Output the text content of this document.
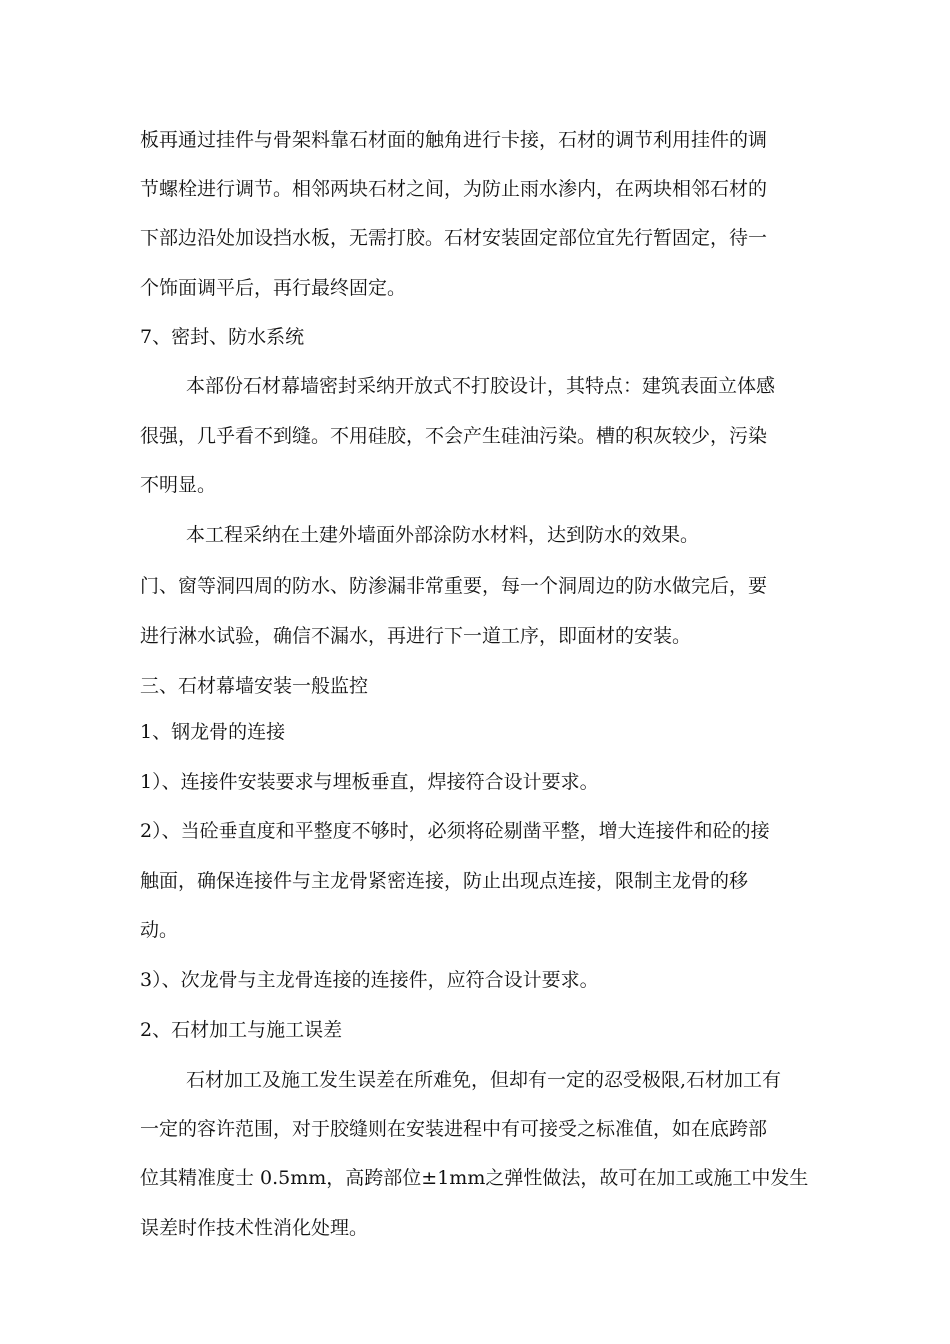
板再通过挂件与骨架料靠石材面的触角进行卡接，石材的调节利用挂件的调
节螺栓进行调节。相邻两块石材之间，为防止雨水渗内，在两块相邻石材的
下部边沿处加设挡水板，无需打胶。石材安装固定部位宜先行暂固定，待一
个饰面调平后，再行最终固定。
7、密封、防水系统
本部份石材幕墙密封采纳开放式不打胶设计，其特点：建筑表面立体感
很强，几乎看不到缝。不用硅胶，不会产生硅油污染。槽的积灰较少，污染
不明显。
本工程采纳在土建外墙面外部涂防水材料，达到防水的效果。
门、窗等洞四周的防水、防渗漏非常重要，每一个洞周边的防水做完后，要
进行淋水试验，确信不漏水，再进行下一道工序，即面材的安装。
三、石材幕墙安装一般监控
1、钢龙骨的连接
1）、连接件安装要求与埋板垂直，焊接符合设计要求。
2）、当砼垂直度和平整度不够时，必须将砼剔凿平整，增大连接件和砼的接
触面，确保连接件与主龙骨紧密连接，防止出现点连接，限制主龙骨的移
动。
3）、次龙骨与主龙骨连接的连接件，应符合设计要求。
2、石材加工与施工误差
石材加工及施工发生误差在所难免，但却有一定的忍受极限,石材加工有
一定的容许范围，对于胶缝则在安装进程中有可接受之标准值，如在底跨部
位其精准度士 0.5mm，高跨部位±1mm之弹性做法，故可在加工或施工中发生
误差时作技术性消化处理。
